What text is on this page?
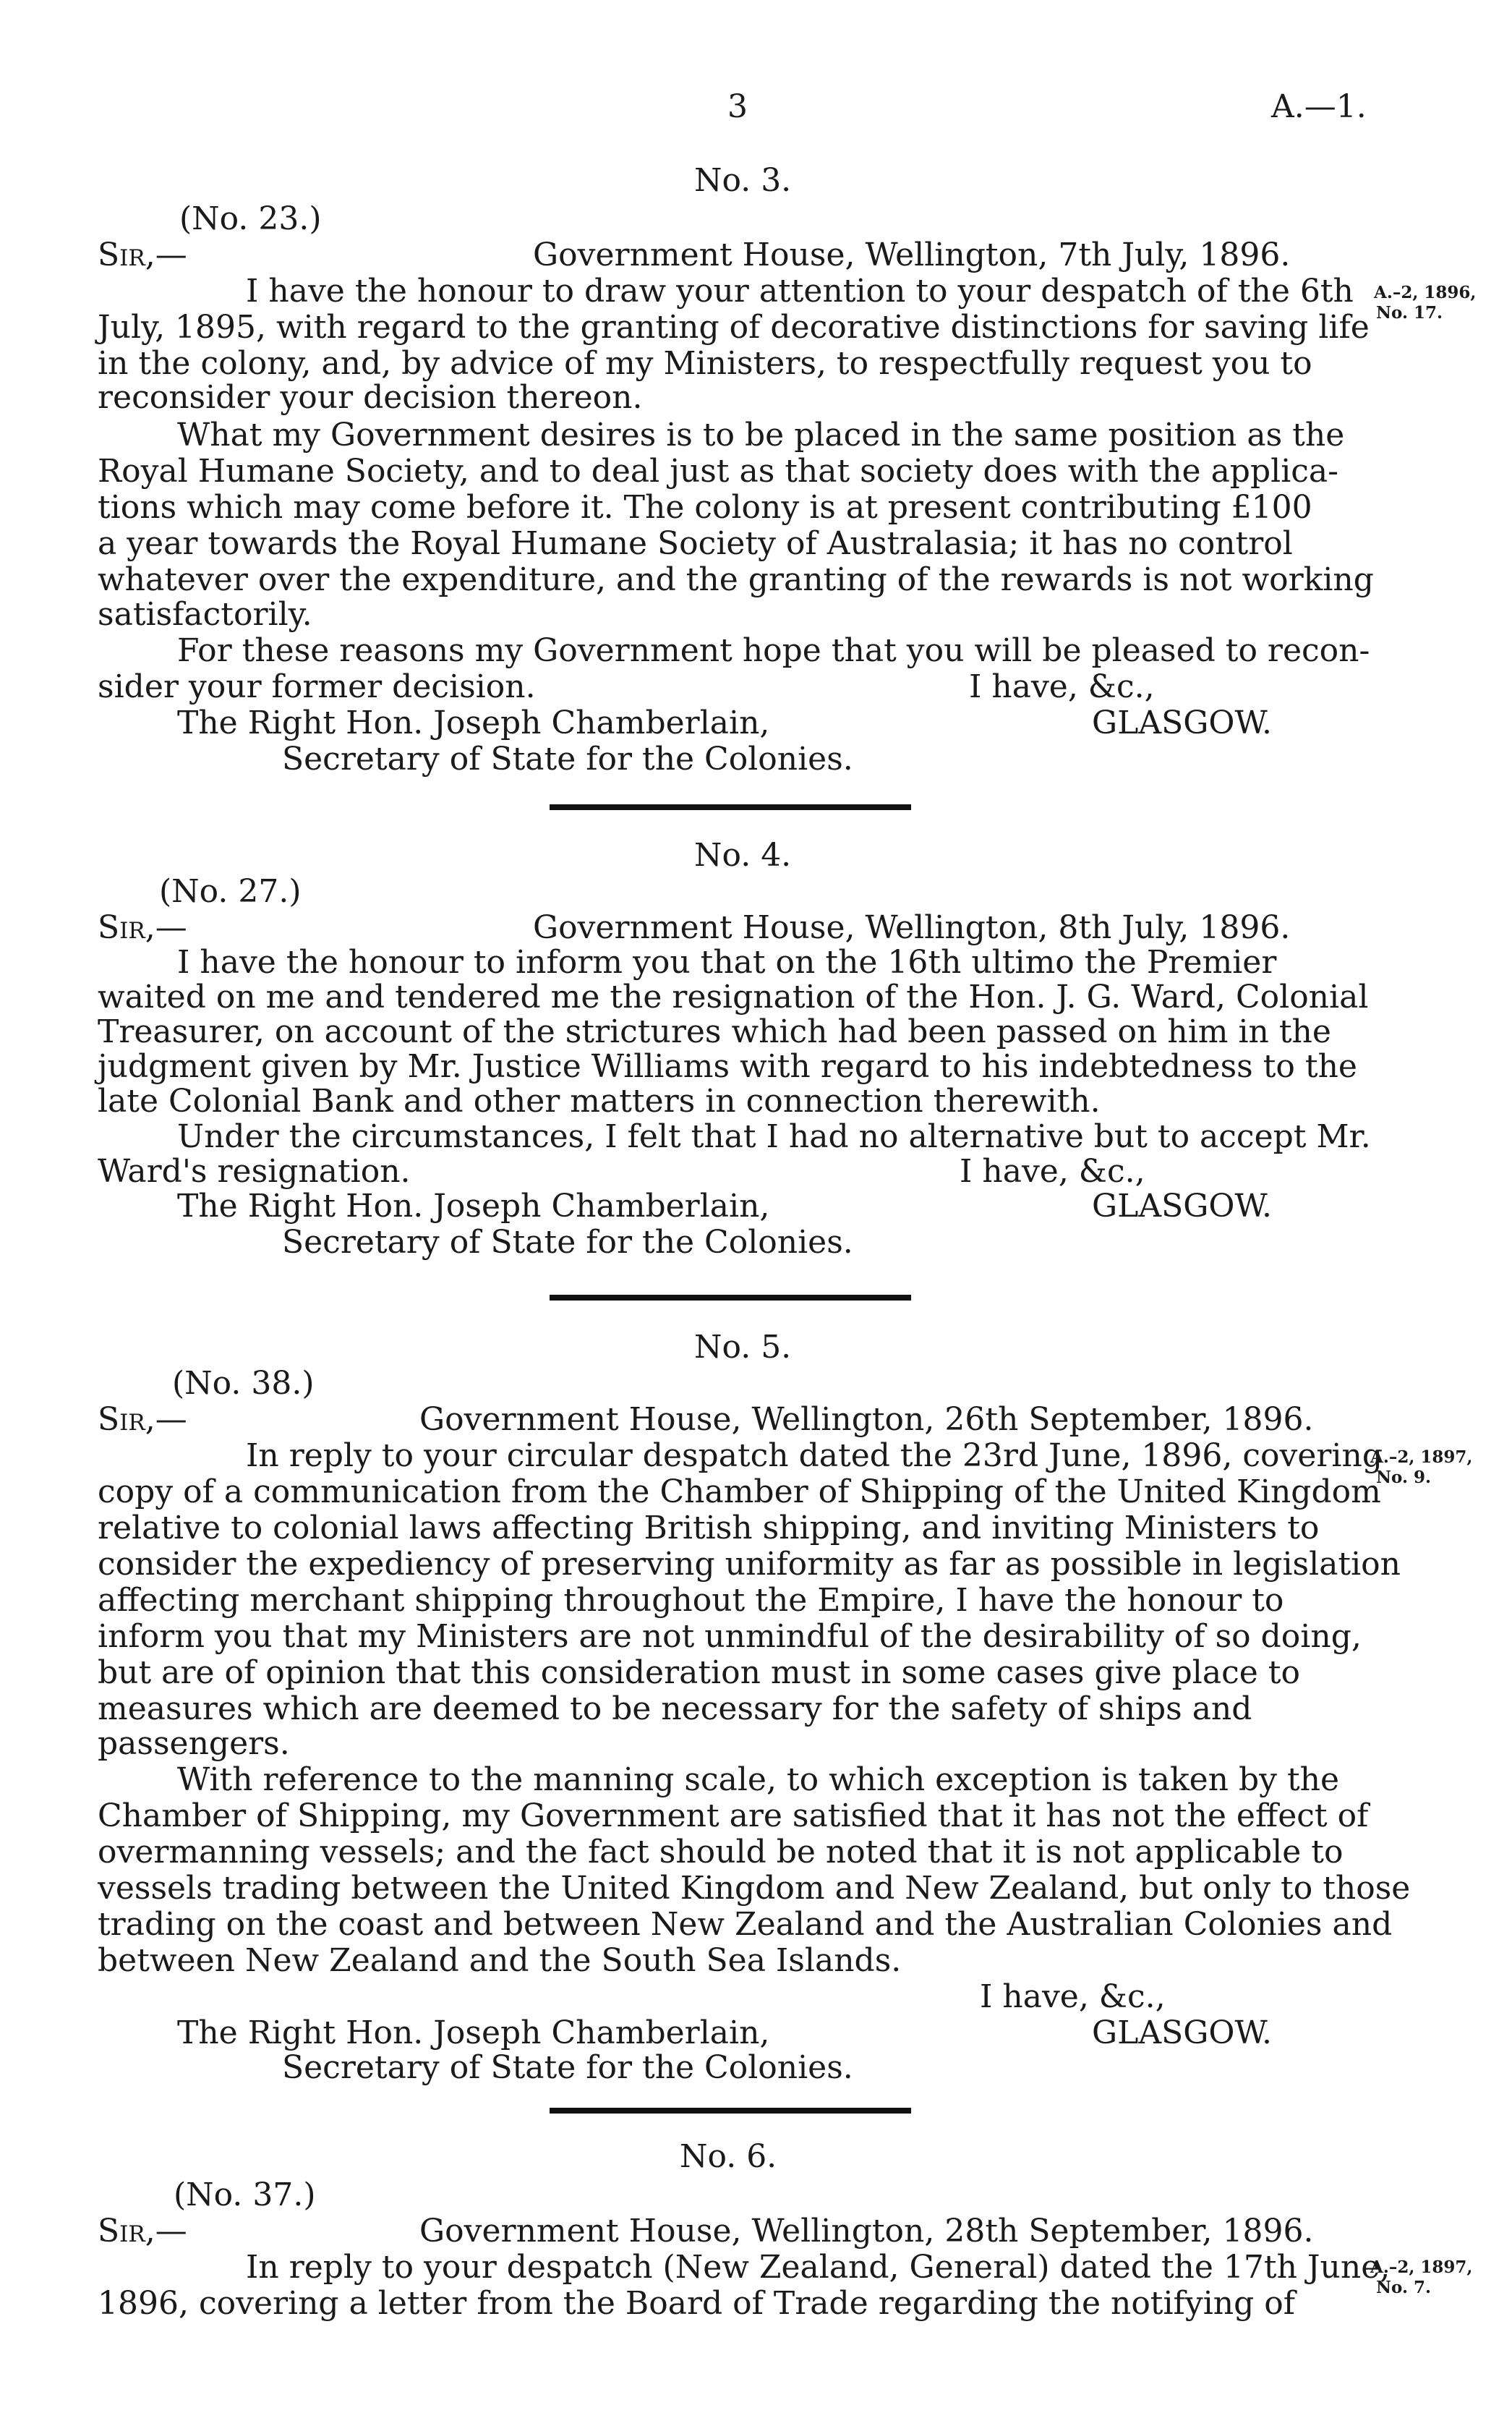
3	A.—1.
No. 3.
(No. 23.)
Sir,—	Government House, Wellington, 7th July, 1896.
I have the honour to draw your attention to your despatch of the 6th
July, 1895, with regard to the granting of decorative distinctions for saving life
in the colony, and, by advice of my Ministers, to respectfully request you to
reconsider your decision thereon.
What my Government desires is to be placed in the same position as the
Royal Humane Society, and to deal just as that society does with the applica-
tions which may come before it. The colony is at present contributing £100
a year towards the Royal Humane Society of Australasia; it has no control
whatever over the expenditure, and the granting of the rewards is not working
satisfactorily.
For these reasons my Government hope that you will be pleased to recon-
sider your former decision.	I have, &c.,
The Right Hon. Joseph Chamberlain,	GLASGOW.
Secretary of State for the Colonies.
A.–2, 1896,
No. 17.
No. 4.
(No. 27.)
Sir,—	Government House, Wellington, 8th July, 1896.
I have the honour to inform you that on the 16th ultimo the Premier
waited on me and tendered me the resignation of the Hon. J. G. Ward, Colonial
Treasurer, on account of the strictures which had been passed on him in the
judgment given by Mr. Justice Williams with regard to his indebtedness to the
late Colonial Bank and other matters in connection therewith.
Under the circumstances, I felt that I had no alternative but to accept Mr.
Ward's resignation.	I have, &c.,
The Right Hon. Joseph Chamberlain,	GLASGOW.
Secretary of State for the Colonies.
No. 5.
(No. 38.)
Sir,—	Government House, Wellington, 26th September, 1896.
In reply to your circular despatch dated the 23rd June, 1896, covering
copy of a communication from the Chamber of Shipping of the United Kingdom
relative to colonial laws affecting British shipping, and inviting Ministers to
consider the expediency of preserving uniformity as far as possible in legislation
affecting merchant shipping throughout the Empire, I have the honour to
inform you that my Ministers are not unmindful of the desirability of so doing,
but are of opinion that this consideration must in some cases give place to
measures which are deemed to be necessary for the safety of ships and
passengers.
With reference to the manning scale, to which exception is taken by the
Chamber of Shipping, my Government are satisfied that it has not the effect of
overmanning vessels; and the fact should be noted that it is not applicable to
vessels trading between the United Kingdom and New Zealand, but only to those
trading on the coast and between New Zealand and the Australian Colonies and
between New Zealand and the South Sea Islands.
I have, &c.,
The Right Hon. Joseph Chamberlain,	GLASGOW.
Secretary of State for the Colonies.
A.–2, 1897,
No. 9.
No. 6.
(No. 37.)
Sir,—	Government House, Wellington, 28th September, 1896.
In reply to your despatch (New Zealand, General) dated the 17th June,
1896, covering a letter from the Board of Trade regarding the notifying of
A.–2, 1897,
No. 7.
